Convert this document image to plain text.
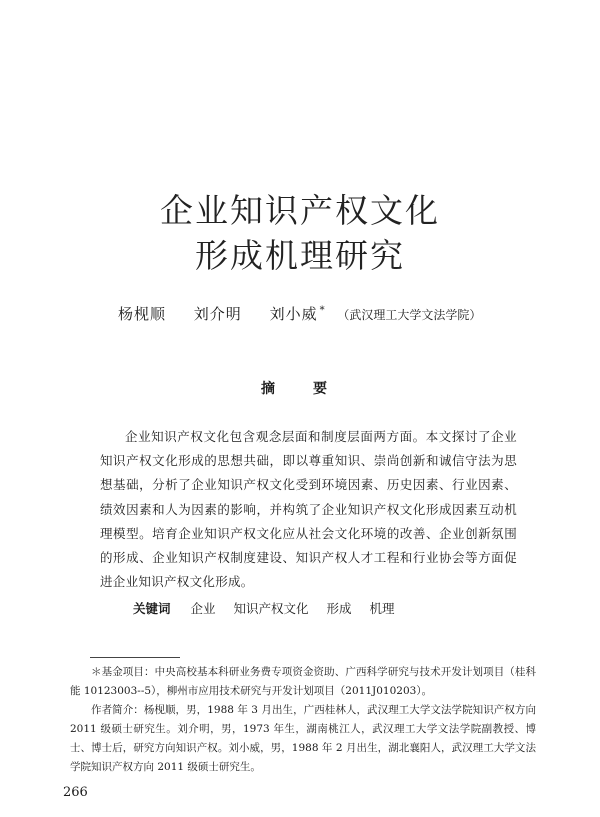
企业知识产权文化
形成机理研究
杨枧顺 刘介明 刘小威 * （武汉理工大学文法学院）
摘　要
企业知识产权文化包含观念层面和制度层面两方面。本文探讨了企业知识产权文化形成的思想共础，即以尊重知识、崇尚创新和诚信守法为思想基础，分析了企业知识产权文化受到环境因素、历史因素、行业因素、绩效因素和人为因素的影响，并构筑了企业知识产权文化形成因素互动机理模型。培育企业知识产权文化应从社会文化环境的改善、企业创新氛围的形成、企业知识产权制度建设、知识产权人才工程和行业协会等方面促进企业知识产权文化形成。
关键词 企业 知识产权文化 形成 机理

＊基金项目：中央高校基本科研业务费专项资金资助、广西科学研究与技术开发计划项目（桂科能 10123003--5），柳州市应用技术研究与开发计划项目（2011J010203）。

作者简介：杨枧顺，男，1988 年 3 月出生，广西桂林人，武汉理工大学文法学院知识产权方向 2011 级硕士研究生。刘介明，男，1973 年生，湖南桃江人，武汉理工大学文法学院副教授、博士、博士后，研究方向知识产权。刘小威，男，1988 年 2 月出生，湖北襄阳人，武汉理工大学文法学院知识产权方向 2011 级硕士研究生。

266
